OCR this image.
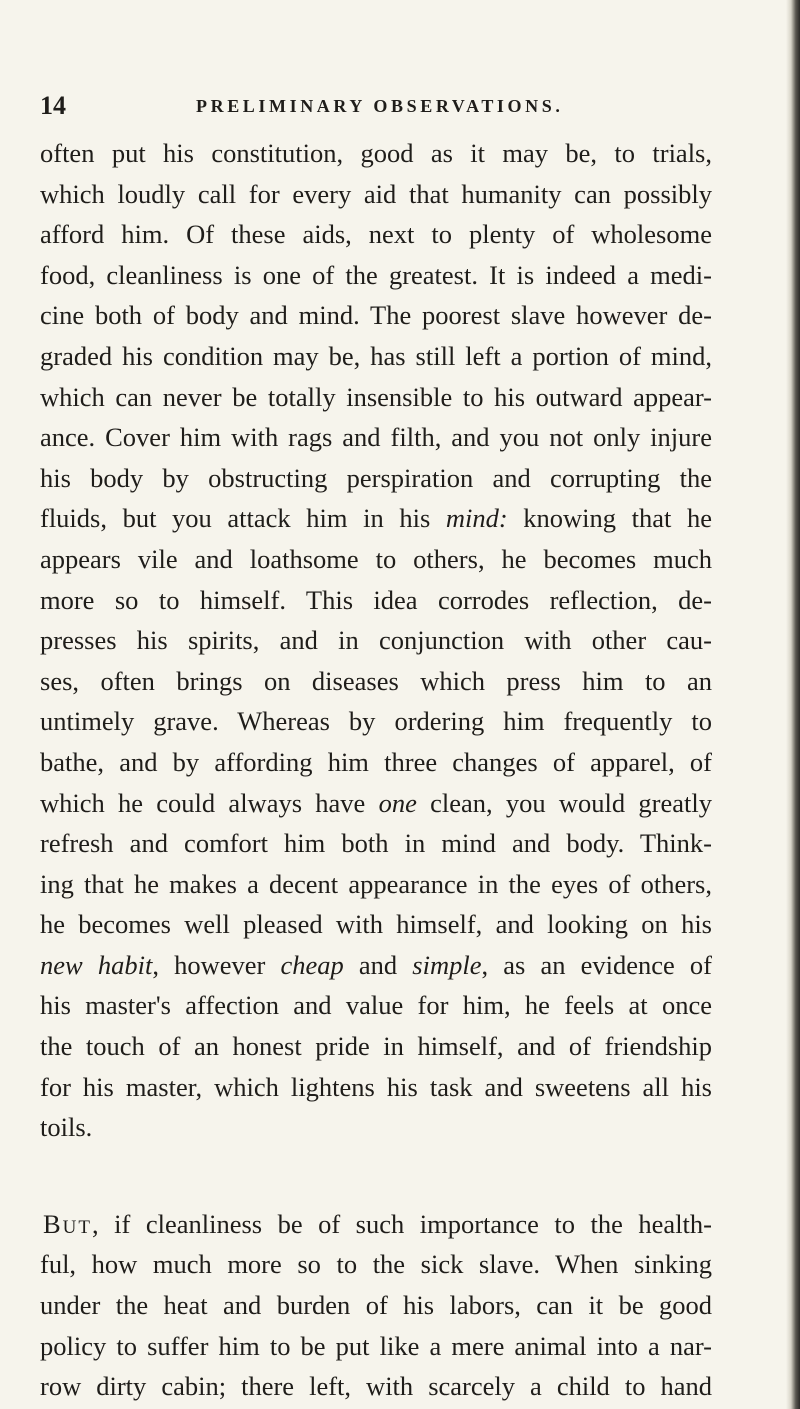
14	PRELIMINARY OBSERVATIONS.
often put his constitution, good as it may be, to trials,
which loudly call for every aid that humanity can possibly
afford him. Of these aids, next to plenty of wholesome
food, cleanliness is one of the greatest. It is indeed a medi-
cine both of body and mind. The poorest slave however de-
graded his condition may be, has still left a portion of mind,
which can never be totally insensible to his outward appear-
ance. Cover him with rags and filth, and you not only injure
his body by obstructing perspiration and corrupting the
fluids, but you attack him in his mind: knowing that he
appears vile and loathsome to others, he becomes much
more so to himself. This idea corrodes reflection, de-
presses his spirits, and in conjunction with other cau-
ses, often brings on diseases which press him to an
untimely grave. Whereas by ordering him frequently to
bathe, and by affording him three changes of apparel, of
which he could always have one clean, you would greatly
refresh and comfort him both in mind and body. Think-
ing that he makes a decent appearance in the eyes of others,
he becomes well pleased with himself, and looking on his
new habit, however cheap and simple, as an evidence of
his master's affection and value for him, he feels at once
the touch of an honest pride in himself, and of friendship
for his master, which lightens his task and sweetens all his
toils.
But, if cleanliness be of such importance to the health-
ful, how much more so to the sick slave. When sinking
under the heat and burden of his labors, can it be good
policy to suffer him to be put like a mere animal into a nar-
row dirty cabin; there left, with scarcely a child to hand
